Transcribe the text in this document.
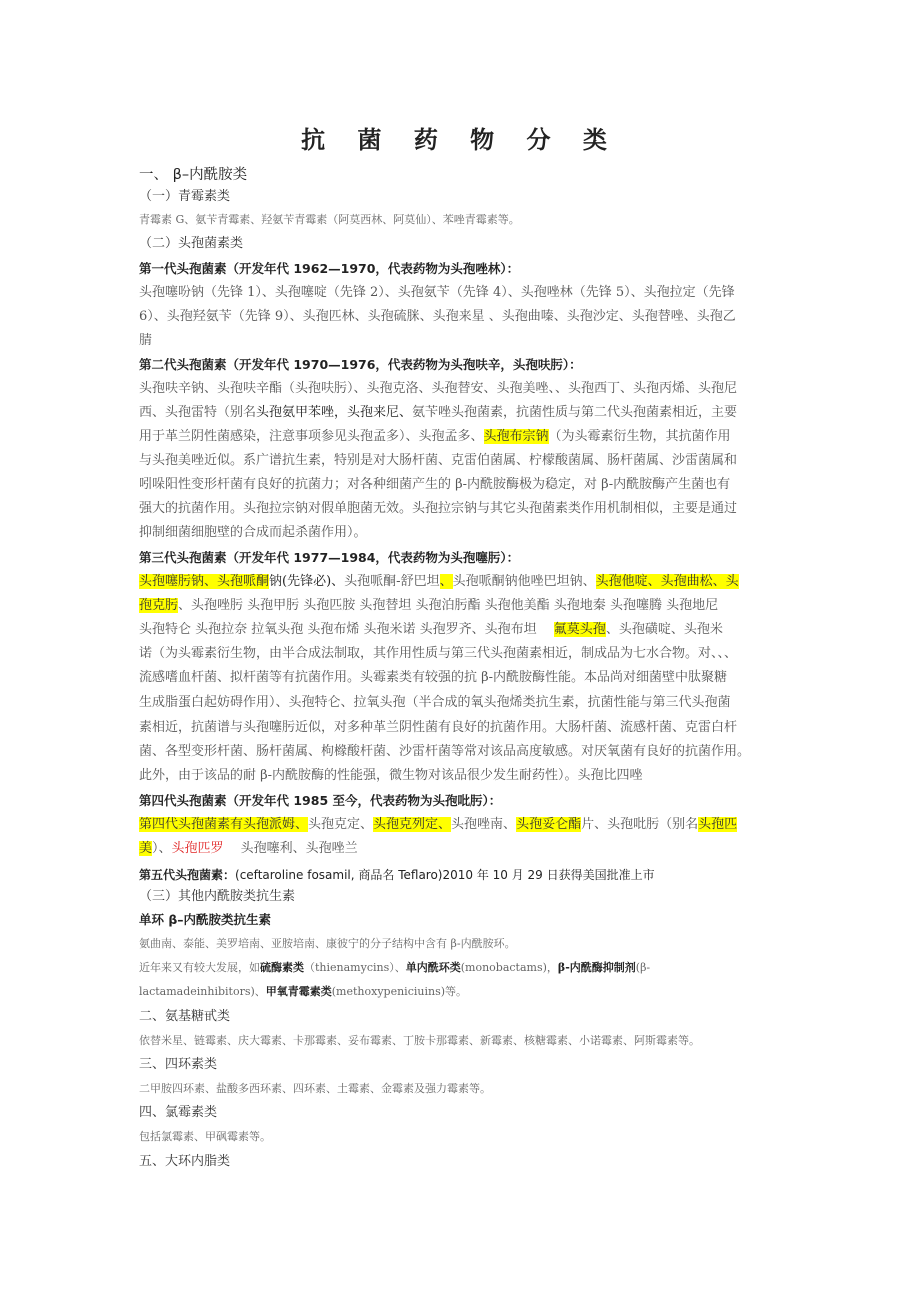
抗 菌 药 物 分 类
一、 β–内酰胺类
（一）青霉素类
青霉素 G、氨苄青霉素、羟氨苄青霉素（阿莫西林、阿莫仙）、苯唑青霉素等。
（二）头孢菌素类
第一代头孢菌素（开发年代 1962—1970，代表药物为头孢唑林）：
头孢噻吩钠（先锋 1）、头孢噻啶（先锋 2）、头孢氨苄（先锋 4）、头孢唑林（先锋 5）、头孢拉定（先锋
6）、头孢羟氨苄（先锋 9）、头孢匹林、头孢硫脒、头孢来星 、头孢曲嗪、头孢沙定、头孢替唑、头孢乙
腈
第二代头孢菌素（开发年代 1970—1976，代表药物为头孢呋辛，头孢呋肟）：
头孢呋辛钠、头孢呋辛酯（头孢呋肟）、头孢克洛、头孢替安、头孢美唑、、头孢西丁、头孢丙烯、头孢尼
西、头孢雷特（别名头孢氨甲苯唑，头孢来尼、氨苄唑头孢菌素，抗菌性质与第二代头孢菌素相近，主要
用于革兰阴性菌感染，注意事项参见头孢孟多）、头孢孟多、头孢布宗钠（为头霉素衍生物，其抗菌作用
与头孢美唑近似。系广谱抗生素，特别是对大肠杆菌、克雷伯菌属、柠檬酸菌属、肠杆菌属、沙雷菌属和
吲哚阳性变形杆菌有良好的抗菌力；对各种细菌产生的 β-内酰胺酶极为稳定，对 β-内酰胺酶产生菌也有
强大的抗菌作用。头孢拉宗钠对假单胞菌无效。头孢拉宗钠与其它头孢菌素类作用机制相似，主要是通过
抑制细菌细胞壁的合成而起杀菌作用）。
第三代头孢菌素（开发年代 1977—1984，代表药物为头孢噻肟）：
头孢噻肟钠、头孢哌酮钠(先锋必)、头孢哌酮-舒巴坦、头孢哌酮钠他唑巴坦钠、头孢他啶、头孢曲松、头
孢克肟、头孢唑肟 头孢甲肟 头孢匹胺 头孢替坦 头孢泊肟酯 头孢他美酯 头孢地秦 头孢噻腾 头孢地尼
头孢特仑 头孢拉奈 拉氧头孢 头孢布烯 头孢米诺 头孢罗齐、头孢布坦　 氟莫头孢、头孢磺啶、头孢米
诺（为头霉素衍生物，由半合成法制取，其作用性质与第三代头孢菌素相近，制成品为七水合物。对、、、
流感嗜血杆菌、拟杆菌等有抗菌作用。头霉素类有较强的抗 β-内酰胺酶性能。本品尚对细菌壁中肽聚糖
生成脂蛋白起妨碍作用）、头孢特仑、拉氧头孢（半合成的氧头孢烯类抗生素，抗菌性能与第三代头孢菌
素相近，抗菌谱与头孢噻肟近似，对多种革兰阴性菌有良好的抗菌作用。大肠杆菌、流感杆菌、克雷白杆
菌、各型变形杆菌、肠杆菌属、枸橼酸杆菌、沙雷杆菌等常对该品高度敏感。对厌氧菌有良好的抗菌作用。
此外，由于该品的耐 β-内酰胺酶的性能强，微生物对该品很少发生耐药性）。头孢比四唑
第四代头孢菌素（开发年代 1985 至今，代表药物为头孢吡肟）：
第四代头孢菌素有头孢派姆、头孢克定、头孢克列定、头孢唑南、头孢妥仑酯片、头孢吡肟（别名头孢匹
美）、头孢匹罗　 头孢噻利、头孢唑兰
第五代头孢菌素：(ceftaroline fosamil, 商品名 Teflaro)2010 年 10 月 29 日获得美国批准上市
（三）其他内酰胺类抗生素
单环 β–内酰胺类抗生素
氨曲南、泰能、美罗培南、亚胺培南、康彼宁的分子结构中含有 β-内酰胺环。
近年来又有较大发展，如硫酶素类（thienamycins）、单内酰环类(monobactams)，β-内酰酶抑制剂(β-
lactamadeinhibitors)、甲氧青霉素类(methoxypeniciuins)等。
二、氨基糖甙类
依替米星、链霉素、庆大霉素、卡那霉素、妥布霉素、丁胺卡那霉素、新霉素、核糖霉素、小诺霉素、阿斯霉素等。
三、四环素类
二甲胺四环素、盐酸多西环素、四环素、土霉素、金霉素及强力霉素等。
四、氯霉素类
包括氯霉素、甲砜霉素等。
五、大环内脂类
